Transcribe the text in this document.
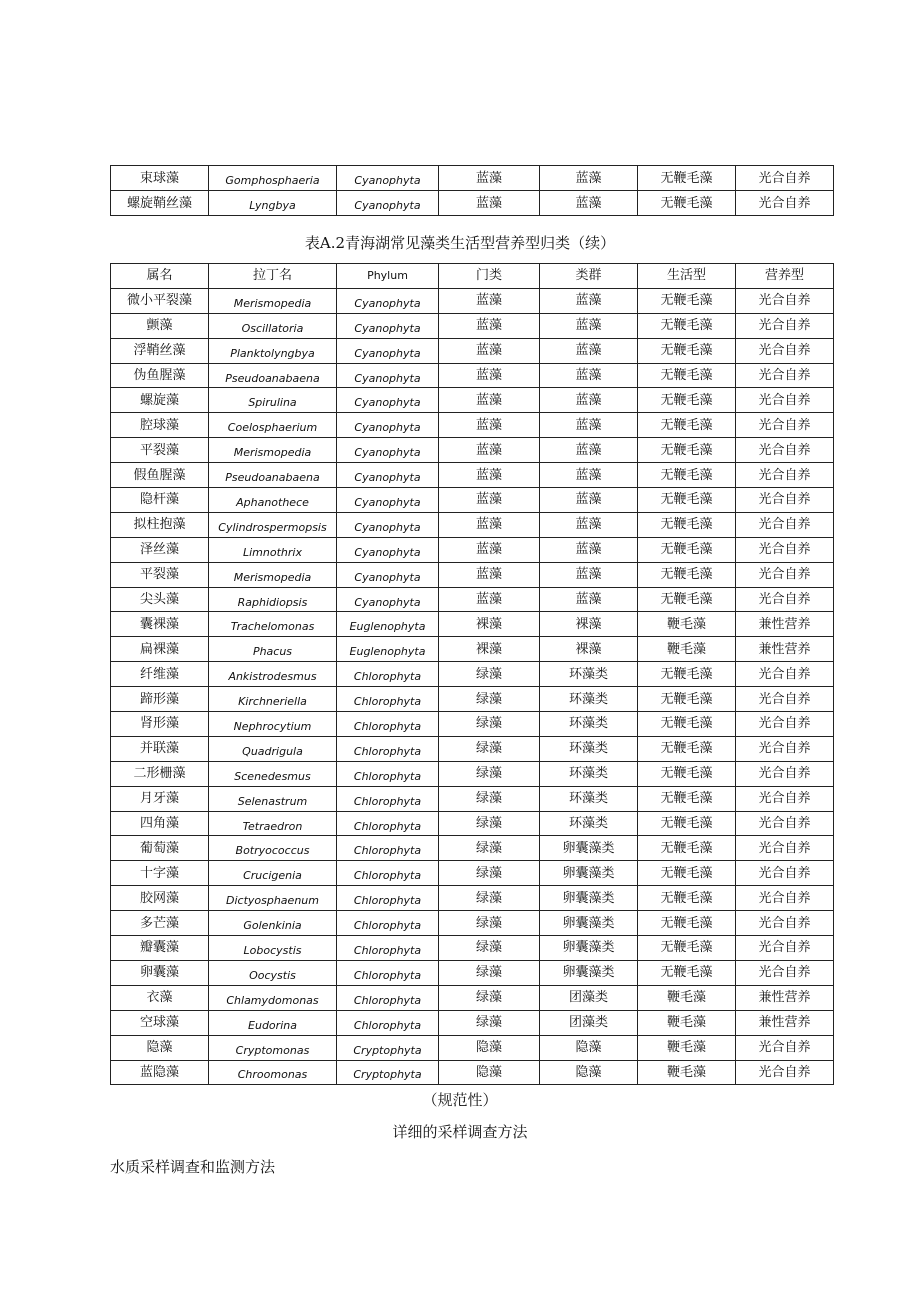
束球藻	Gomphosphaeria	Cyanophyta	蓝藻	蓝藻	无鞭毛藻	光合自养
螺旋鞘丝藻	Lyngbya	Cyanophyta	蓝藻	蓝藻	无鞭毛藻	光合自养
表A.2青海湖常见藻类生活型营养型归类（续）
属名	拉丁名	Phylum	门类	类群	生活型	营养型
微小平裂藻	Merismopedia	Cyanophyta	蓝藻	蓝藻	无鞭毛藻	光合自养
颤藻	Oscillatoria	Cyanophyta	蓝藻	蓝藻	无鞭毛藻	光合自养
浮鞘丝藻	Planktolyngbya	Cyanophyta	蓝藻	蓝藻	无鞭毛藻	光合自养
伪鱼腥藻	Pseudoanabaena	Cyanophyta	蓝藻	蓝藻	无鞭毛藻	光合自养
螺旋藻	Spirulina	Cyanophyta	蓝藻	蓝藻	无鞭毛藻	光合自养
腔球藻	Coelosphaerium	Cyanophyta	蓝藻	蓝藻	无鞭毛藻	光合自养
平裂藻	Merismopedia	Cyanophyta	蓝藻	蓝藻	无鞭毛藻	光合自养
假鱼腥藻	Pseudoanabaena	Cyanophyta	蓝藻	蓝藻	无鞭毛藻	光合自养
隐杆藻	Aphanothece	Cyanophyta	蓝藻	蓝藻	无鞭毛藻	光合自养
拟柱抱藻	Cylindrospermopsis	Cyanophyta	蓝藻	蓝藻	无鞭毛藻	光合自养
泽丝藻	Limnothrix	Cyanophyta	蓝藻	蓝藻	无鞭毛藻	光合自养
平裂藻	Merismopedia	Cyanophyta	蓝藻	蓝藻	无鞭毛藻	光合自养
尖头藻	Raphidiopsis	Cyanophyta	蓝藻	蓝藻	无鞭毛藻	光合自养
囊裸藻	Trachelomonas	Euglenophyta	裸藻	裸藻	鞭毛藻	兼性营养
扁裸藻	Phacus	Euglenophyta	裸藻	裸藻	鞭毛藻	兼性营养
纤维藻	Ankistrodesmus	Chlorophyta	绿藻	环藻类	无鞭毛藻	光合自养
蹄形藻	Kirchneriella	Chlorophyta	绿藻	环藻类	无鞭毛藻	光合自养
肾形藻	Nephrocytium	Chlorophyta	绿藻	环藻类	无鞭毛藻	光合自养
并联藻	Quadrigula	Chlorophyta	绿藻	环藻类	无鞭毛藻	光合自养
二形栅藻	Scenedesmus	Chlorophyta	绿藻	环藻类	无鞭毛藻	光合自养
月牙藻	Selenastrum	Chlorophyta	绿藻	环藻类	无鞭毛藻	光合自养
四角藻	Tetraedron	Chlorophyta	绿藻	环藻类	无鞭毛藻	光合自养
葡萄藻	Botryococcus	Chlorophyta	绿藻	卵囊藻类	无鞭毛藻	光合自养
十字藻	Crucigenia	Chlorophyta	绿藻	卵囊藻类	无鞭毛藻	光合自养
胶网藻	Dictyosphaenum	Chlorophyta	绿藻	卵囊藻类	无鞭毛藻	光合自养
多芒藻	Golenkinia	Chlorophyta	绿藻	卵囊藻类	无鞭毛藻	光合自养
瓣囊藻	Lobocystis	Chlorophyta	绿藻	卵囊藻类	无鞭毛藻	光合自养
卵囊藻	Oocystis	Chlorophyta	绿藻	卵囊藻类	无鞭毛藻	光合自养
衣藻	Chlamydomonas	Chlorophyta	绿藻	团藻类	鞭毛藻	兼性营养
空球藻	Eudorina	Chlorophyta	绿藻	团藻类	鞭毛藻	兼性营养
隐藻	Cryptomonas	Cryptophyta	隐藻	隐藻	鞭毛藻	光合自养
蓝隐藻	Chroomonas	Cryptophyta	隐藻	隐藻	鞭毛藻	光合自养
（规范性）
详细的采样调查方法
水质采样调查和监测方法
